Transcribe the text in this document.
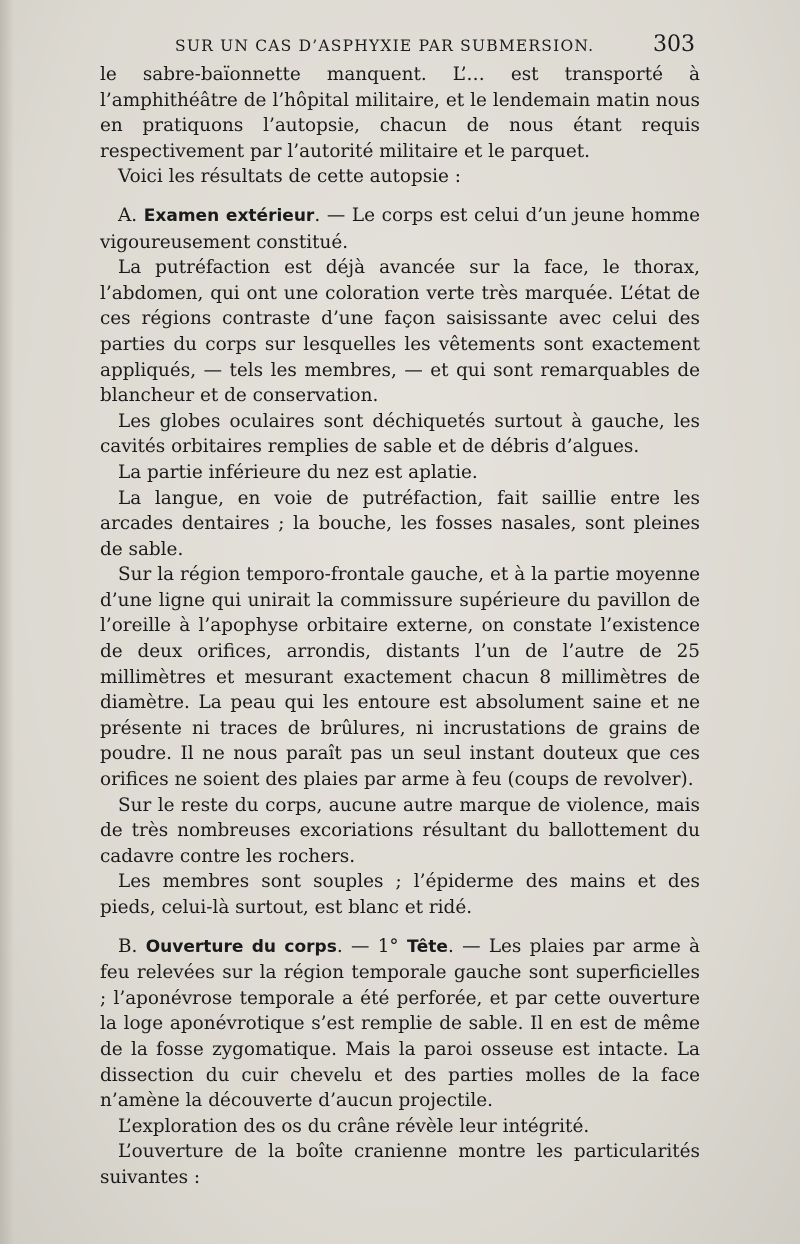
SUR UN CAS D’ASPHYXIE PAR SUBMERSION.	303

le sabre-baïonnette manquent. L’… est transporté à l’amphithéâtre de l’hôpital militaire, et le lendemain matin nous en pratiquons l’autopsie, chacun de nous étant requis respectivement par l’autorité militaire et le parquet.

Voici les résultats de cette autopsie :

A. Examen extérieur. — Le corps est celui d’un jeune homme vigoureusement constitué.

La putréfaction est déjà avancée sur la face, le thorax, l’abdomen, qui ont une coloration verte très marquée. L’état de ces régions contraste d’une façon saisissante avec celui des parties du corps sur lesquelles les vêtements sont exactement appliqués, — tels les membres, — et qui sont remarquables de blancheur et de conservation.

Les globes oculaires sont déchiquetés surtout à gauche, les cavités orbitaires remplies de sable et de débris d’algues.

La partie inférieure du nez est aplatie.

La langue, en voie de putréfaction, fait saillie entre les arcades dentaires ; la bouche, les fosses nasales, sont pleines de sable.

Sur la région temporo-frontale gauche, et à la partie moyenne d’une ligne qui unirait la commissure supérieure du pavillon de l’oreille à l’apophyse orbitaire externe, on constate l’existence de deux orifices, arrondis, distants l’un de l’autre de 25 millimètres et mesurant exactement chacun 8 millimètres de diamètre. La peau qui les entoure est absolument saine et ne présente ni traces de brûlures, ni incrustations de grains de poudre. Il ne nous paraît pas un seul instant douteux que ces orifices ne soient des plaies par arme à feu (coups de revolver).

Sur le reste du corps, aucune autre marque de violence, mais de très nombreuses excoriations résultant du ballottement du cadavre contre les rochers.

Les membres sont souples ; l’épiderme des mains et des pieds, celui-là surtout, est blanc et ridé.

B. Ouverture du corps. — 1° Tête. — Les plaies par arme à feu relevées sur la région temporale gauche sont superficielles ; l’aponévrose temporale a été perforée, et par cette ouverture la loge aponévrotique s’est remplie de sable. Il en est de même de la fosse zygomatique. Mais la paroi osseuse est intacte. La dissection du cuir chevelu et des parties molles de la face n’amène la découverte d’aucun projectile.

L’exploration des os du crâne révèle leur intégrité.

L’ouverture de la boîte cranienne montre les particularités suivantes :
